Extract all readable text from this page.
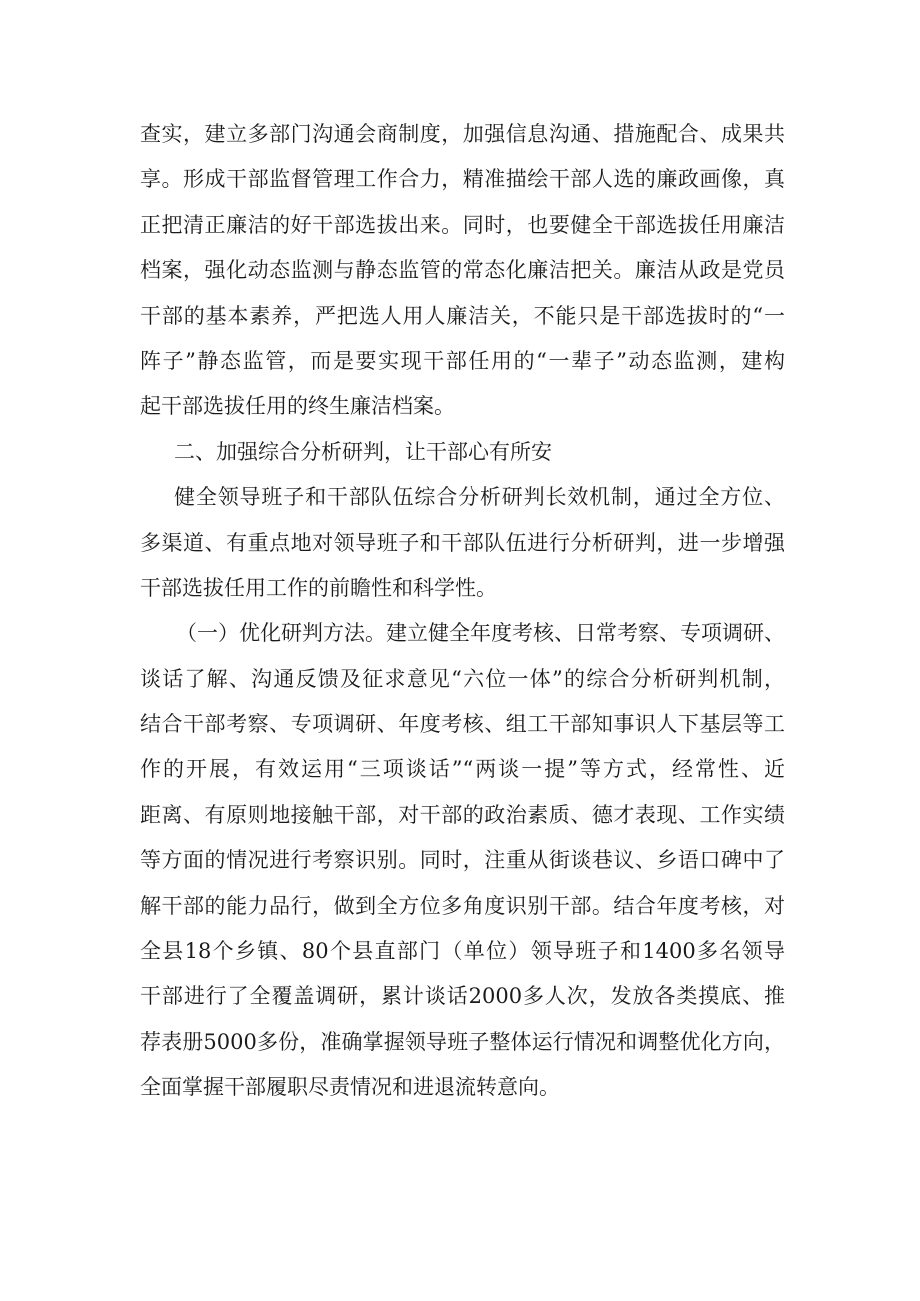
查实，建立多部门沟通会商制度，加强信息沟通、措施配合、成果共
享。形成干部监督管理工作合力，精准描绘干部人选的廉政画像，真
正把清正廉洁的好干部选拔出来。同时，也要健全干部选拔任用廉洁
档案，强化动态监测与静态监管的常态化廉洁把关。廉洁从政是党员
干部的基本素养，严把选人用人廉洁关，不能只是干部选拔时的“一
阵子”静态监管，而是要实现干部任用的“一辈子”动态监测，建构
起干部选拔任用的终生廉洁档案。
二、加强综合分析研判，让干部心有所安
健全领导班子和干部队伍综合分析研判长效机制，通过全方位、
多渠道、有重点地对领导班子和干部队伍进行分析研判，进一步增强
干部选拔任用工作的前瞻性和科学性。
（一）优化研判方法。建立健全年度考核、日常考察、专项调研、
谈话了解、沟通反馈及征求意见“六位一体”的综合分析研判机制，
结合干部考察、专项调研、年度考核、组工干部知事识人下基层等工
作的开展，有效运用“三项谈话”“两谈一提”等方式，经常性、近
距离、有原则地接触干部，对干部的政治素质、德才表现、工作实绩
等方面的情况进行考察识别。同时，注重从街谈巷议、乡语口碑中了
解干部的能力品行，做到全方位多角度识别干部。结合年度考核，对
全县18个乡镇、80个县直部门（单位）领导班子和1400多名领导
干部进行了全覆盖调研，累计谈话2000多人次，发放各类摸底、推
荐表册5000多份，准确掌握领导班子整体运行情况和调整优化方向，
全面掌握干部履职尽责情况和进退流转意向。
